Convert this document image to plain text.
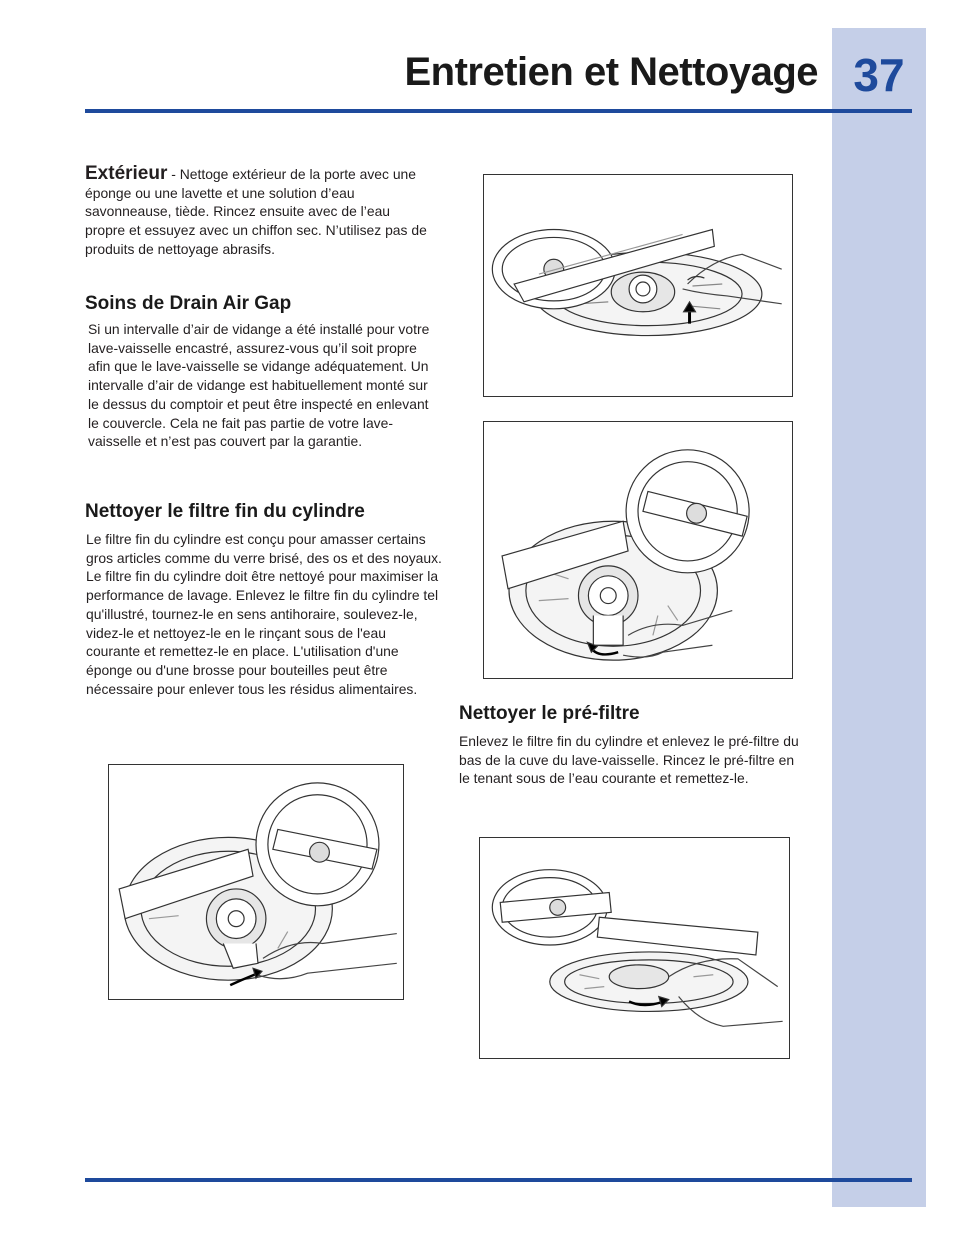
37
Entretien et Nettoyage

Extérieur - Nettoge extérieur de la porte avec une éponge ou une lavette et une solution d’eau savonneause, tiède. Rincez ensuite avec de l’eau propre et essuyez avec un chiffon sec. N’utilisez pas de produits de nettoyage abrasifs.

Soins de Drain Air Gap

Si un intervalle d’air de vidange a été installé pour votre lave-vaisselle encastré, assurez-vous qu’il soit propre afin que le lave-vaisselle se vidange adéquatement. Un intervalle d’air de vidange est habituellement monté sur le dessus du comptoir et peut être inspecté en enlevant le couvercle. Cela ne fait pas partie de votre lave-vaisselle et n’est pas couvert par la garantie.

Nettoyer le filtre fin du cylindre

Le filtre fin du cylindre est conçu pour amasser certains gros articles comme du verre brisé, des os et des noyaux. Le filtre fin du cylindre doit être nettoyé pour maximiser la performance de lavage. Enlevez le filtre fin du cylindre tel qu'illustré, tournez-le en sens antihoraire, soulevez-le, videz-le et nettoyez-le en le rinçant sous de l'eau courante et remettez-le en place. L'utilisation d'une éponge ou d'une brosse pour bouteilles peut être nécessaire pour enlever tous les résidus alimentaires.

Nettoyer le pré-filtre

Enlevez le filtre fin du cylindre et enlevez le pré-filtre du bas de la cuve du lave-vaisselle. Rincez le pré-filtre en le tenant sous de l’eau courante et remettez-le.
